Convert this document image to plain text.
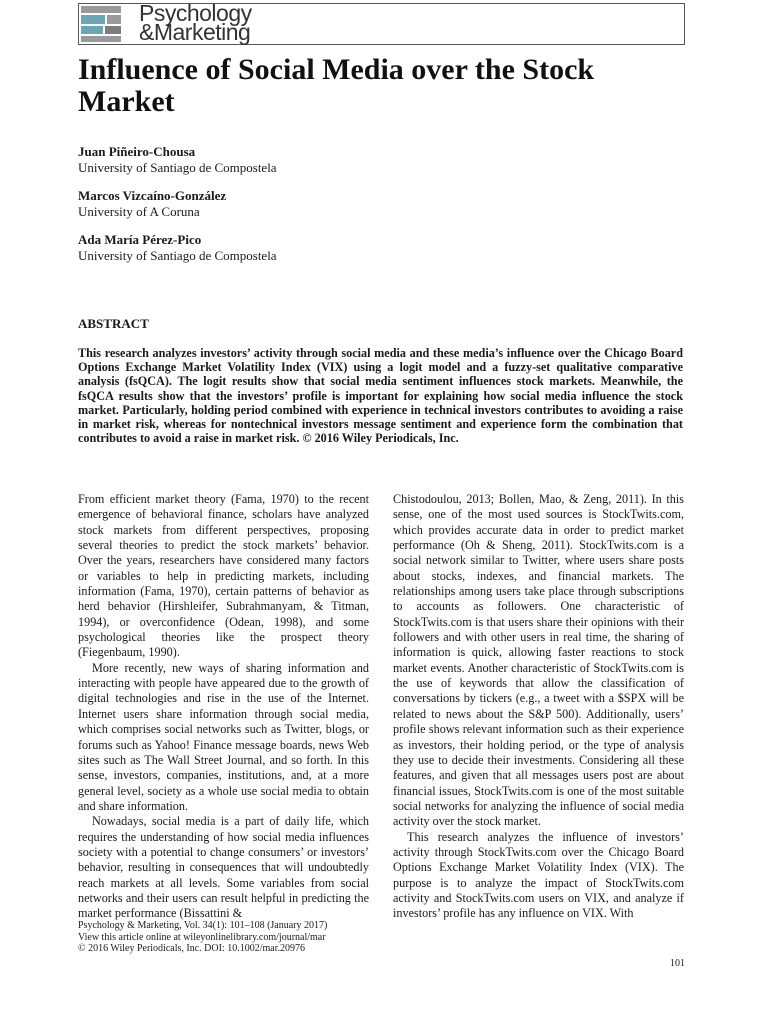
Psychology
&Marketing
Influence of Social Media over the Stock Market
Juan Piñeiro-Chousa
University of Santiago de Compostela
Marcos Vizcaíno-González
University of A Coruna
Ada María Pérez-Pico
University of Santiago de Compostela
ABSTRACT

This research analyzes investors’ activity through social media and these media’s influence over the Chicago Board Options Exchange Market Volatility Index (VIX) using a logit model and a fuzzy-set qualitative comparative analysis (fsQCA). The logit results show that social media sentiment influences stock markets. Meanwhile, the fsQCA results show that the investors’ profile is important for explaining how social media influence the stock market. Particularly, holding period combined with experience in technical investors contributes to avoiding a raise in market risk, whereas for nontechnical investors message sentiment and experience form the combination that contributes to avoid a raise in market risk. © 2016 Wiley Periodicals, Inc.

From efficient market theory (Fama, 1970) to the recent emergence of behavioral finance, scholars have analyzed stock markets from different perspectives, proposing several theories to predict the stock markets’ behavior. Over the years, researchers have considered many factors or variables to help in predicting markets, including information (Fama, 1970), certain patterns of behavior as herd behavior (Hirshleifer, Subrahmanyam, & Titman, 1994), or overconfidence (Odean, 1998), and some psychological theories like the prospect theory (Fiegenbaum, 1990).

More recently, new ways of sharing information and interacting with people have appeared due to the growth of digital technologies and rise in the use of the Internet. Internet users share information through social media, which comprises social networks such as Twitter, blogs, or forums such as Yahoo! Finance message boards, news Web sites such as The Wall Street Journal, and so forth. In this sense, investors, companies, institutions, and, at a more general level, society as a whole use social media to obtain and share information.

Nowadays, social media is a part of daily life, which requires the understanding of how social media influences society with a potential to change consumers’ or investors’ behavior, resulting in consequences that will undoubtedly reach markets at all levels. Some variables from social networks and their users can result helpful in predicting the market performance (Bissattini &

Chistodoulou, 2013; Bollen, Mao, & Zeng, 2011). In this sense, one of the most used sources is StockTwits.com, which provides accurate data in order to predict market performance (Oh & Sheng, 2011). StockTwits.com is a social network similar to Twitter, where users share posts about stocks, indexes, and financial markets. The relationships among users take place through subscriptions to accounts as followers. One characteristic of StockTwits.com is that users share their opinions with their followers and with other users in real time, the sharing of information is quick, allowing faster reactions to stock market events. Another characteristic of StockTwits.com is the use of keywords that allow the classification of conversations by tickers (e.g., a tweet with a $SPX will be related to news about the S&P 500). Additionally, users’ profile shows relevant information such as their experience as investors, their holding period, or the type of analysis they use to decide their investments. Considering all these features, and given that all messages users post are about financial issues, StockTwits.com is one of the most suitable social networks for analyzing the influence of social media activity over the stock market.

This research analyzes the influence of investors’ activity through StockTwits.com over the Chicago Board Options Exchange Market Volatility Index (VIX). The purpose is to analyze the impact of StockTwits.com activity and StockTwits.com users on VIX, and analyze if investors’ profile has any influence on VIX. With

Psychology & Marketing, Vol. 34(1): 101–108 (January 2017)
View this article online at wileyonlinelibrary.com/journal/mar
© 2016 Wiley Periodicals, Inc. DOI: 10.1002/mar.20976
101
